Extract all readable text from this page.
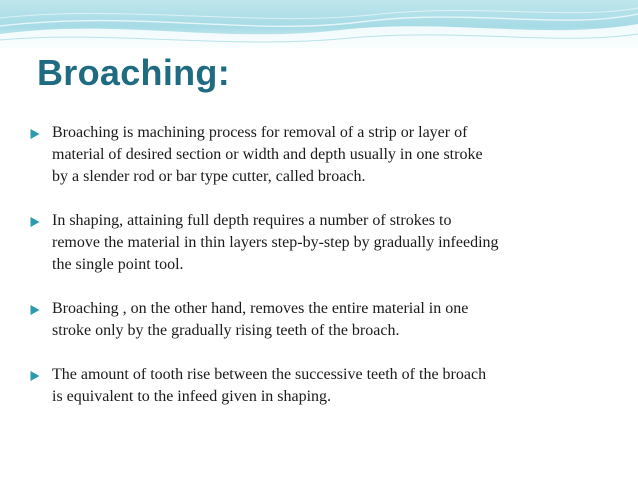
Broaching:
Broaching is machining process for removal of a strip or layer of
material of desired section or width and depth usually in one stroke
by a slender rod or bar type cutter, called broach.
In shaping, attaining full depth requires a number of strokes to
remove the material in thin layers step-by-step by gradually infeeding
the single point tool.
Broaching , on the other hand, removes the entire material in one
stroke only by the gradually rising teeth of the broach.
The amount of tooth rise between the successive teeth of the broach
is equivalent to the infeed given in shaping.
